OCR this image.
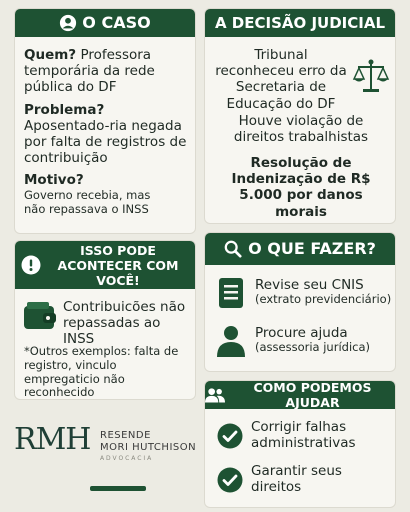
O CASO
Quem? Professora temporária da rede pública do DF
Problema? Aposentado-ria negada por falta de registros de contribuição
Motivo?
Governo recebia, mas não repassava o INSS
A DECISÃO JUDICIAL
Tribunal reconheceu erro da Secretaria de Educação do DF
Houve violação de direitos trabalhistas
Resolução de Indenização de R$ 5.000 por danos morais
ISSO PODE ACONTECER COM VOCÊ!
Contribuicões não repassadas ao INSS
*Outros exemplos: falta de registro, vinculo empregaticio não reconhecido
O QUE FAZER?
Revise seu CNIS
(extrato previdenciário)
Procure ajuda
(assessoria jurídica)
COMO PODEMOS AJUDAR
Corrigir falhas administrativas
Garantir seus direitos
RMH RESENDE
MORI HUTCHISON
A D V O C A C I A
